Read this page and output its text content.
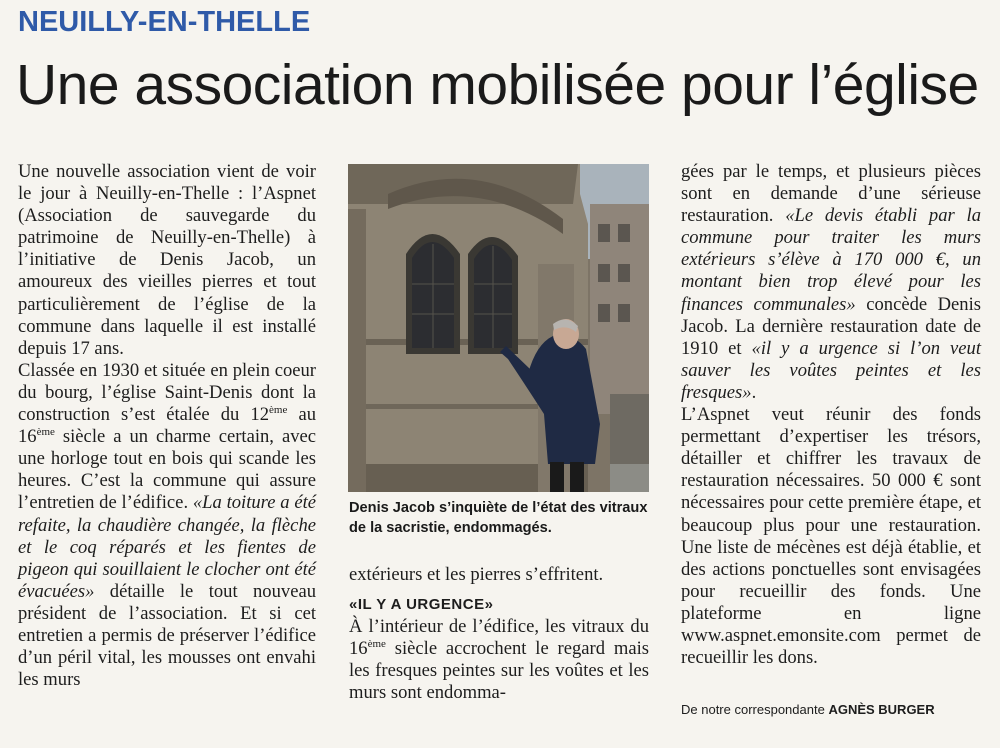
NEUILLY-EN-THELLE
Une association mobilisée pour l’église

Une nouvelle association vient de voir le jour à Neuilly-en-Thelle : l’Aspnet (Association de sauvegarde du patrimoine de Neuilly-en-Thelle) à l’initiative de Denis Jacob, un amoureux des vieilles pierres et tout particulièrement de l’église de la commune dans laquelle il est installé depuis 17 ans.

Classée en 1930 et située en plein coeur du bourg, l’église Saint-Denis dont la construction s’est étalée du 12ème au 16ème siècle a un charme certain, avec une horloge tout en bois qui scande les heures. C’est la commune qui assure l’entretien de l’édifice. «La toiture a été refaite, la chaudière changée, la flèche et le coq réparés et les fientes de pigeon qui souillaient le clocher ont été évacuées» détaille le tout nouveau président de l’association. Et si cet entretien a permis de préserver l’édifice d’un péril vital, les mousses ont envahi les murs

Denis Jacob s’inquiète de l’état des vitraux de la sacristie, endommagés.

extérieurs et les pierres s’effritent.

«IL Y A URGENCE»

À l’intérieur de l’édifice, les vitraux du 16ème siècle accrochent le regard mais les fresques peintes sur les voûtes et les murs sont endomma-

gées par le temps, et plusieurs pièces sont en demande d’une sérieuse restauration. «Le devis établi par la commune pour traiter les murs extérieurs s’élève à 170 000 €, un montant bien trop élevé pour les finances communales» concède Denis Jacob. La dernière restauration date de 1910 et «il y a urgence si l’on veut sauver les voûtes peintes et les fresques».

L’Aspnet veut réunir des fonds permettant d’expertiser les trésors, détailler et chiffrer les travaux de restauration nécessaires. 50 000 € sont nécessaires pour cette première étape, et beaucoup plus pour une restauration. Une liste de mécènes est déjà établie, et des actions ponctuelles sont envisagées pour recueillir des fonds. Une plateforme en ligne www.aspnet.emonsite.com permet de recueillir les dons.

De notre correspondante AGNÈS BURGER
